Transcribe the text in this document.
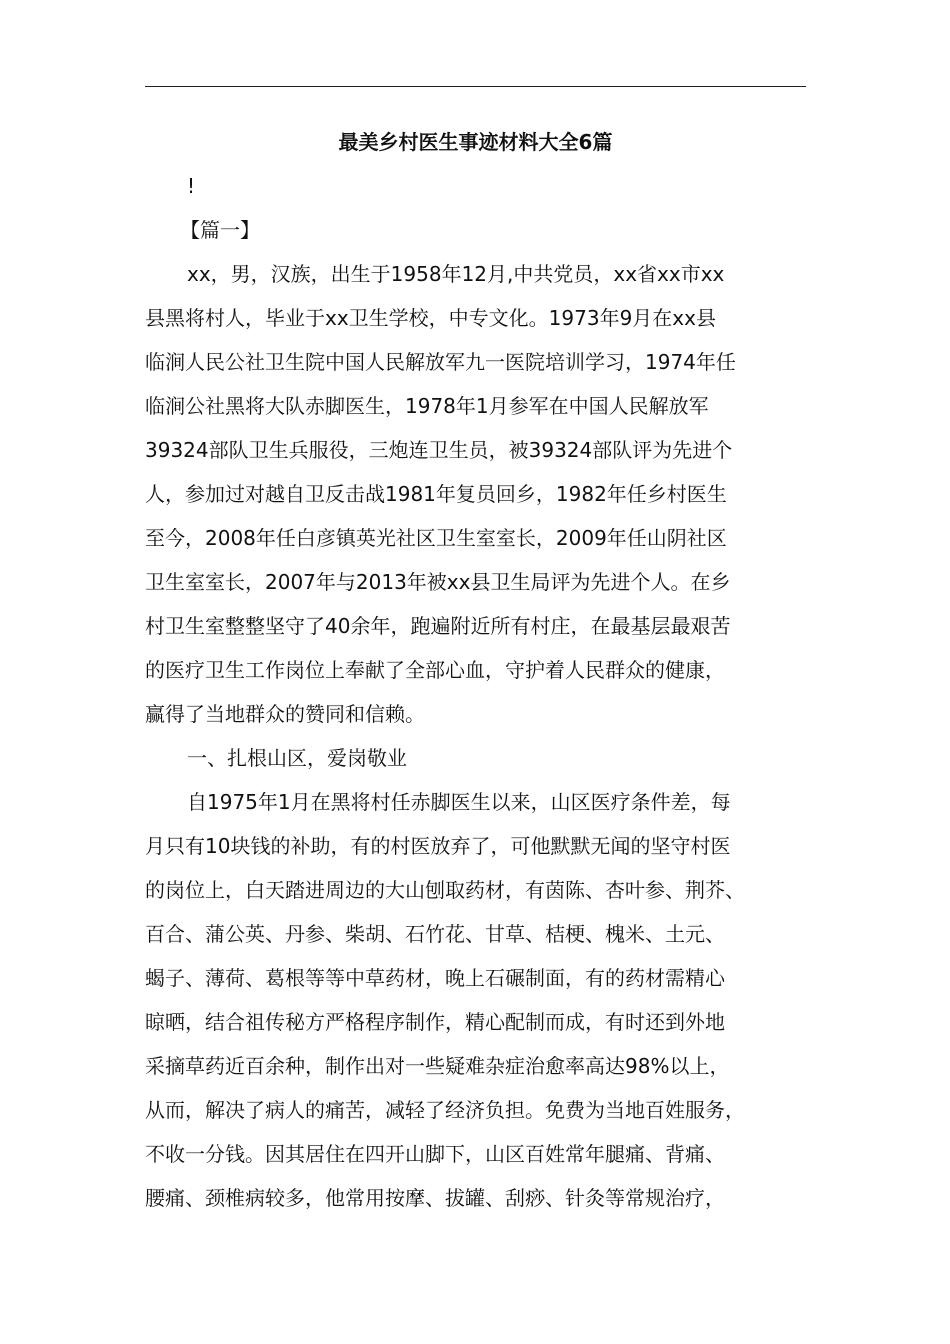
最美乡村医生事迹材料大全6篇
!
【篇一】
xx，男，汉族，出生于1958年12月,中共党员，xx省xx市xx
县黑将村人，毕业于xx卫生学校，中专文化。1973年9月在xx县
临涧人民公社卫生院中国人民解放军九一医院培训学习，1974年任
临涧公社黑将大队赤脚医生，1978年1月参军在中国人民解放军
39324部队卫生兵服役，三炮连卫生员，被39324部队评为先进个
人，参加过对越自卫反击战1981年复员回乡，1982年任乡村医生
至今，2008年任白彦镇英光社区卫生室室长，2009年任山阴社区
卫生室室长，2007年与2013年被xx县卫生局评为先进个人。在乡
村卫生室整整坚守了40余年，跑遍附近所有村庄，在最基层最艰苦
的医疗卫生工作岗位上奉献了全部心血，守护着人民群众的健康，
赢得了当地群众的赞同和信赖。
一、扎根山区，爱岗敬业
自1975年1月在黑将村任赤脚医生以来，山区医疗条件差，每
月只有10块钱的补助，有的村医放弃了，可他默默无闻的坚守村医
的岗位上，白天踏进周边的大山刨取药材，有茵陈、杏叶参、荆芥、
百合、蒲公英、丹参、柴胡、石竹花、甘草、桔梗、槐米、土元、
蝎子、薄荷、葛根等等中草药材，晚上石碾制面，有的药材需精心
晾晒，结合祖传秘方严格程序制作，精心配制而成，有时还到外地
采摘草药近百余种，制作出对一些疑难杂症治愈率高达98%以上，
从而，解决了病人的痛苦，减轻了经济负担。免费为当地百姓服务，
不收一分钱。因其居住在四开山脚下，山区百姓常年腿痛、背痛、
腰痛、颈椎病较多，他常用按摩、拔罐、刮痧、针灸等常规治疗，
